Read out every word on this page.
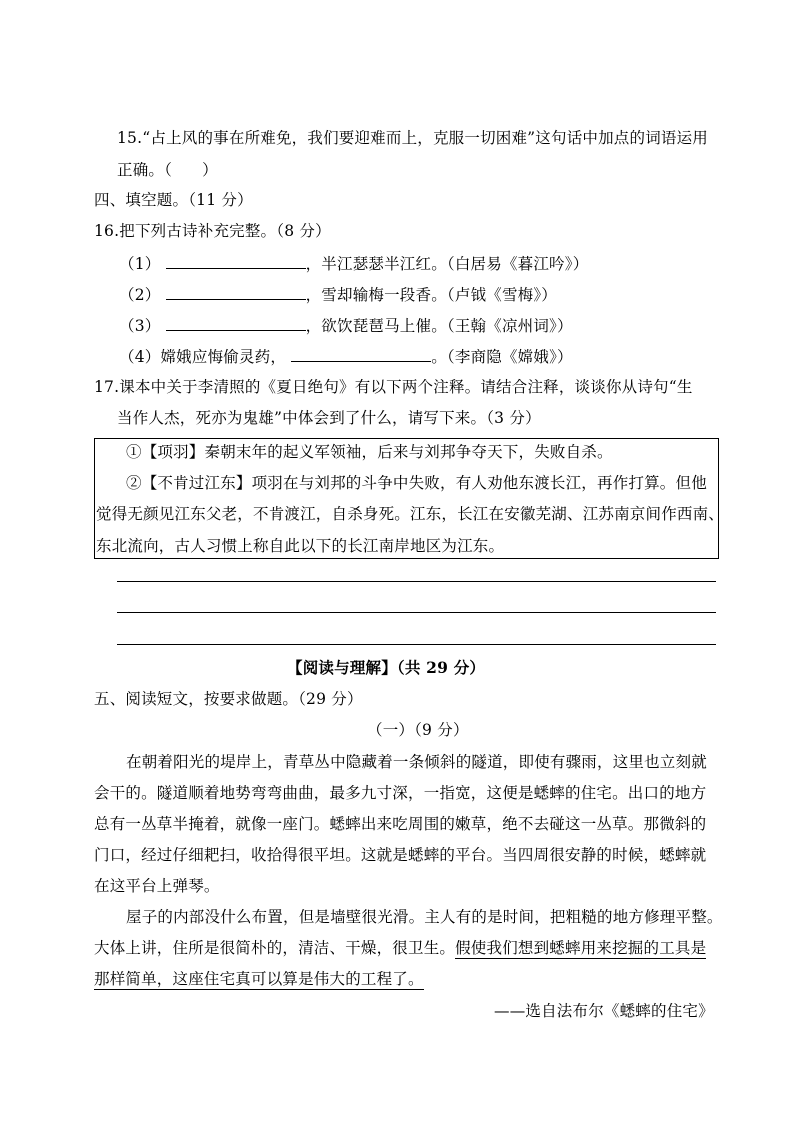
15.“占上风的事在所难免，我们要迎难而上，克服一切困难”这句话中加点的词语运用
正确。（ ）
四、填空题。（11 分）
16.把下列古诗补充完整。（8 分）
（1）	，半江瑟瑟半江红。（白居易《暮江吟》）
（2）	，雪却输梅一段香。（卢钺《雪梅》）
（3）	，欲饮琵琶马上催。（王翰《凉州词》）
（4）嫦娥应悔偷灵药，	。（李商隐《嫦娥》）
17.课本中关于李清照的《夏日绝句》有以下两个注释。请结合注释，谈谈你从诗句“生
当作人杰，死亦为鬼雄”中体会到了什么，请写下来。（3 分）
①【项羽】秦朝末年的起义军领袖，后来与刘邦争夺天下，失败自杀。
②【不肯过江东】项羽在与刘邦的斗争中失败，有人劝他东渡长江，再作打算。但他
觉得无颜见江东父老，不肯渡江，自杀身死。江东，长江在安徽芜湖、江苏南京间作西南、
东北流向，古人习惯上称自此以下的长江南岸地区为江东。
【阅读与理解】（共 29 分）
五、阅读短文，按要求做题。（29 分）
（一）（9 分）
在朝着阳光的堤岸上，青草丛中隐藏着一条倾斜的隧道，即使有骤雨，这里也立刻就
会干的。隧道顺着地势弯弯曲曲，最多九寸深，一指宽，这便是蟋蟀的住宅。出口的地方
总有一丛草半掩着，就像一座门。蟋蟀出来吃周围的嫩草，绝不去碰这一丛草。那微斜的
门口，经过仔细耙扫，收拾得很平坦。这就是蟋蟀的平台。当四周很安静的时候，蟋蟀就
在这平台上弹琴。
屋子的内部没什么布置，但是墙壁很光滑。主人有的是时间，把粗糙的地方修理平整。
大体上讲，住所是很简朴的，清洁、干燥，很卫生。假使我们想到蟋蟀用来挖掘的工具是
那样简单，这座住宅真可以算是伟大的工程了。
——选自法布尔《蟋蟀的住宅》
